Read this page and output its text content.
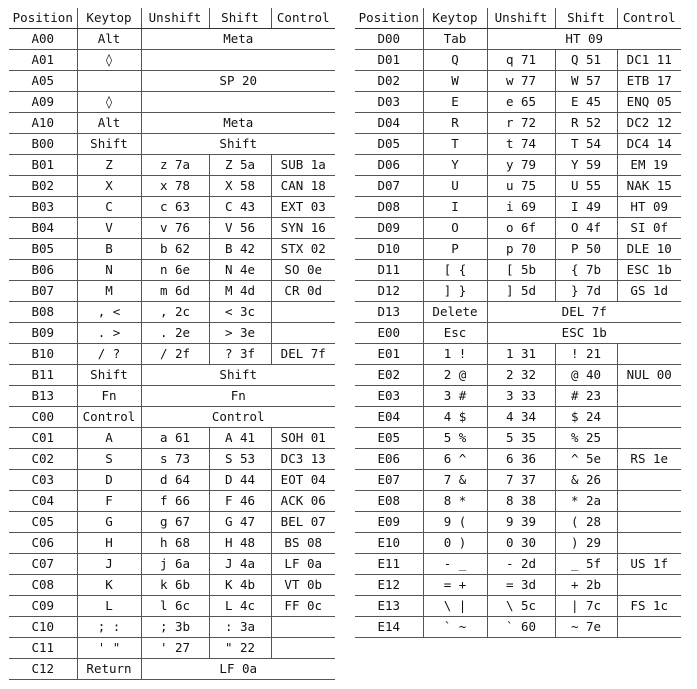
Position	Keytop	Unshift	Shift	Control
A00	Alt	Meta		
A01	◊			
A05		SP 20		
A09	◊			
A10	Alt	Meta		
B00	Shift	Shift		
B01	Z	z 7a	Z 5a	SUB 1a
B02	X	x 78	X 58	CAN 18
B03	C	c 63	C 43	EXT 03
B04	V	v 76	V 56	SYN 16
B05	B	b 62	B 42	STX 02
B06	N	n 6e	N 4e	SO 0e
B07	M	m 6d	M 4d	CR 0d
B08	, <	, 2c	< 3c	
B09	. >	. 2e	> 3e	
B10	/ ?	/ 2f	? 3f	DEL 7f
B11	Shift	Shift		
B13	Fn	Fn		
C00	Control	Control		
C01	A	a 61	A 41	SOH 01
C02	S	s 73	S 53	DC3 13
C03	D	d 64	D 44	EOT 04
C04	F	f 66	F 46	ACK 06
C05	G	g 67	G 47	BEL 07
C06	H	h 68	H 48	BS 08
C07	J	j 6a	J 4a	LF 0a
C08	K	k 6b	K 4b	VT 0b
C09	L	l 6c	L 4c	FF 0c
C10	; :	; 3b	: 3a	
C11	' "	' 27	" 22	
C12	Return	LF 0a		
Position	Keytop	Unshift	Shift	Control
D00	Tab	HT 09		
D01	Q	q 71	Q 51	DC1 11
D02	W	w 77	W 57	ETB 17
D03	E	e 65	E 45	ENQ 05
D04	R	r 72	R 52	DC2 12
D05	T	t 74	T 54	DC4 14
D06	Y	y 79	Y 59	EM 19
D07	U	u 75	U 55	NAK 15
D08	I	i 69	I 49	HT 09
D09	O	o 6f	O 4f	SI 0f
D10	P	p 70	P 50	DLE 10
D11	[ {	[ 5b	{ 7b	ESC 1b
D12	] }	] 5d	} 7d	GS 1d
D13	Delete	DEL 7f		
E00	Esc	ESC 1b		
E01	1 !	1 31	! 21	
E02	2 @	2 32	@ 40	NUL 00
E03	3 #	3 33	# 23	
E04	4 $	4 34	$ 24	
E05	5 %	5 35	% 25	
E06	6 ^	6 36	^ 5e	RS 1e
E07	7 &	7 37	& 26	
E08	8 *	8 38	* 2a	
E09	9 (	9 39	( 28	
E10	0 )	0 30	) 29	
E11	- _	- 2d	_ 5f	US 1f
E12	= +	= 3d	+ 2b	
E13	\ |	\ 5c	| 7c	FS 1c
E14	` ~	` 60	~ 7e	
